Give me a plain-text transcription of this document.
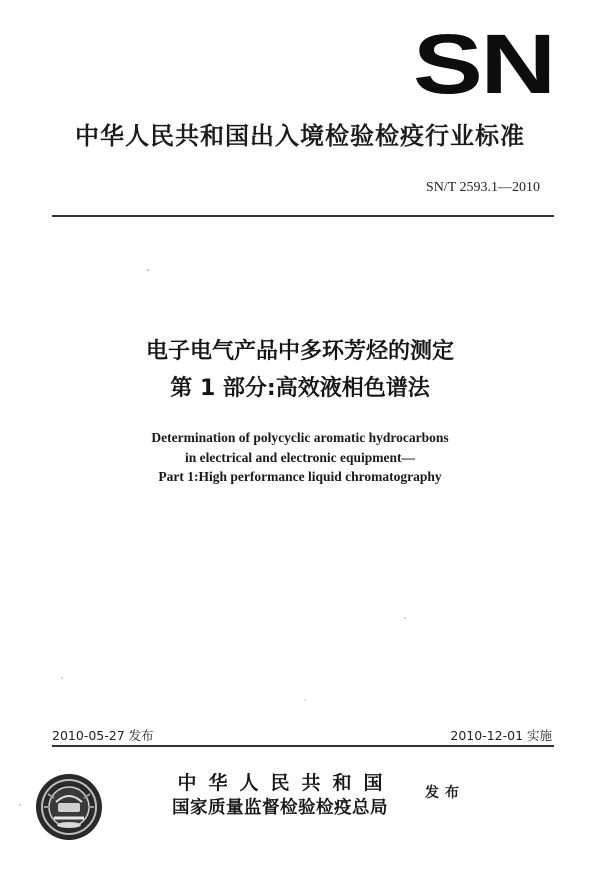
SN
中华人民共和国出入境检验检疫行业标准
SN/T 2593.1—2010
电子电气产品中多环芳烃的测定
第 1 部分:高效液相色谱法
Determination of polycyclic aromatic hydrocarbons
in electrical and electronic equipment—
Part 1:High performance liquid chromatography
2010-05-27 发布	2010-12-01 实施
中华人民共和国
国家质量监督检验检疫总局
发布
